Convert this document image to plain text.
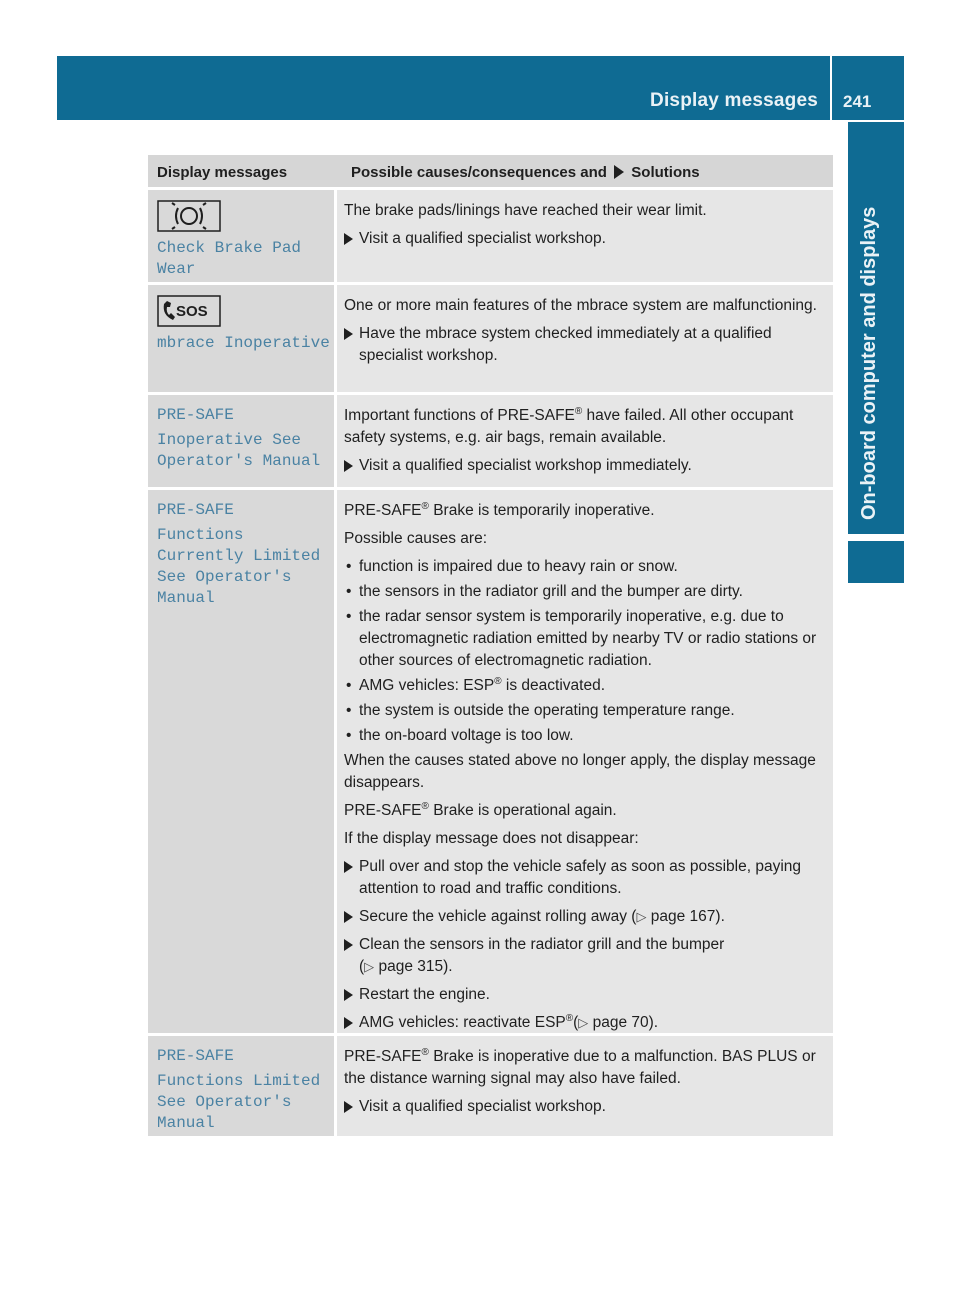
Display messages 241
On-board computer and displays
Display messages	Possible causes/consequences and Solutions
Check Brake Pad
Wear

The brake pads/linings have reached their wear limit.

Visit a qualified specialist workshop.
SOS
mbrace Inoperative

One or more main features of the mbrace system are malfunctioning.

Have the mbrace system checked immediately at a qualified specialist workshop.
PRE-SAFE
Inoperative See
Operator's Manual

Important functions of PRE-SAFE® have failed. All other occupant safety systems, e.g. air bags, remain available.

Visit a qualified specialist workshop immediately.
PRE-SAFE
Functions
Currently Limited
See Operator's
Manual

PRE-SAFE® Brake is temporarily inoperative.

Possible causes are:

• function is impaired due to heavy rain or snow.
• the sensors in the radiator grill and the bumper are dirty.
• the radar sensor system is temporarily inoperative, e.g. due to electromagnetic radiation emitted by nearby TV or radio stations or other sources of electromagnetic radiation.
• AMG vehicles: ESP® is deactivated.
• the system is outside the operating temperature range.
• the on-board voltage is too low.

When the causes stated above no longer apply, the display message disappears.

PRE-SAFE® Brake is operational again.

If the display message does not disappear:

Pull over and stop the vehicle safely as soon as possible, paying attention to road and traffic conditions.
Secure the vehicle against rolling away (▷ page 167).
Clean the sensors in the radiator grill and the bumper
(▷ page 315).
Restart the engine.
AMG vehicles: reactivate ESP®(▷ page 70).
PRE-SAFE
Functions Limited
See Operator's
Manual

PRE-SAFE® Brake is inoperative due to a malfunction. BAS PLUS or the distance warning signal may also have failed.

Visit a qualified specialist workshop.
